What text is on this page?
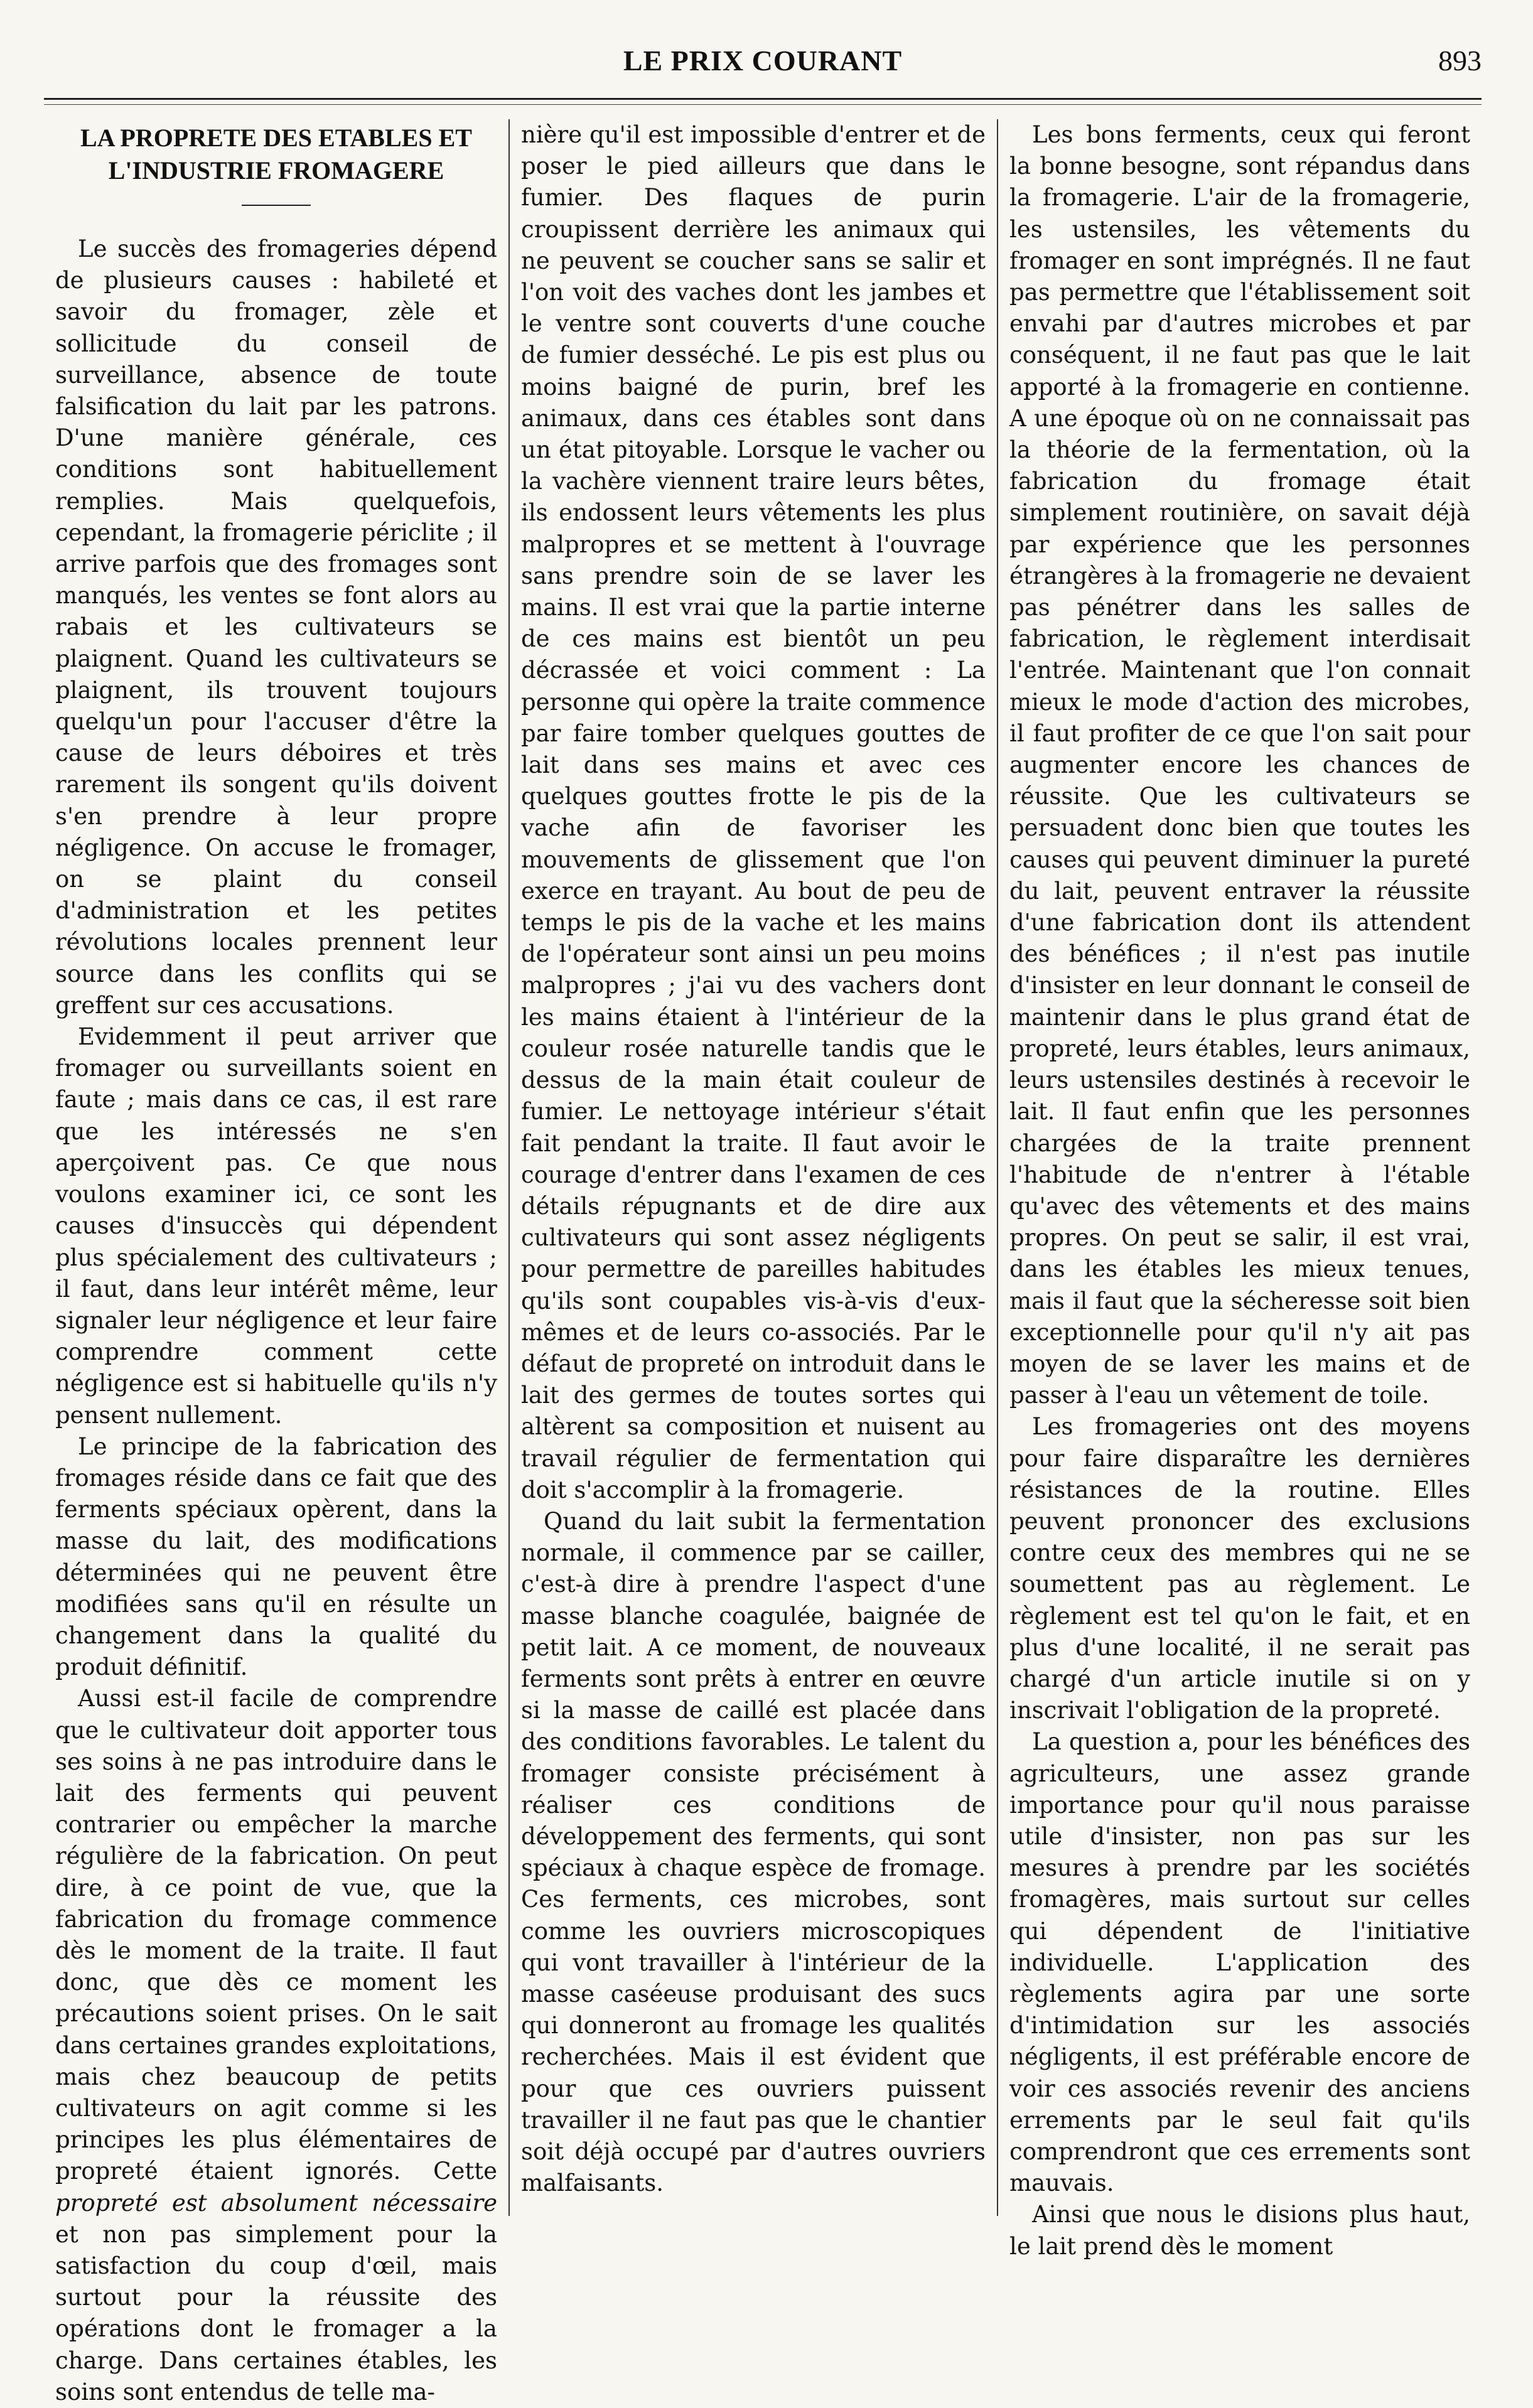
LE PRIX COURANT	893
LA PROPRETE DES ETABLES ET
L'INDUSTRIE FROMAGERE

Le succès des fromageries dépend de plusieurs causes : habileté et savoir du fromager, zèle et sollicitude du conseil de surveillance, absence de toute falsification du lait par les patrons. D'une manière générale, ces conditions sont habituellement remplies. Mais quelquefois, cependant, la fromagerie périclite ; il arrive parfois que des fromages sont manqués, les ventes se font alors au rabais et les cultivateurs se plaignent. Quand les cultivateurs se plaignent, ils trouvent toujours quelqu'un pour l'accuser d'être la cause de leurs déboires et très rarement ils songent qu'ils doivent s'en prendre à leur propre négligence. On accuse le fromager, on se plaint du conseil d'administration et les petites révolutions locales prennent leur source dans les conflits qui se greffent sur ces accusations.

Evidemment il peut arriver que fromager ou surveillants soient en faute ; mais dans ce cas, il est rare que les intéressés ne s'en aperçoivent pas. Ce que nous voulons examiner ici, ce sont les causes d'insuccès qui dépendent plus spécialement des cultivateurs ; il faut, dans leur intérêt même, leur signaler leur négligence et leur faire comprendre comment cette négligence est si habituelle qu'ils n'y pensent nullement.

Le principe de la fabrication des fromages réside dans ce fait que des ferments spéciaux opèrent, dans la masse du lait, des modifications déterminées qui ne peuvent être modifiées sans qu'il en résulte un changement dans la qualité du produit définitif.

Aussi est-il facile de comprendre que le cultivateur doit apporter tous ses soins à ne pas introduire dans le lait des ferments qui peuvent contrarier ou empêcher la marche régulière de la fabrication. On peut dire, à ce point de vue, que la fabrication du fromage commence dès le moment de la traite. Il faut donc, que dès ce moment les précautions soient prises. On le sait dans certaines grandes exploitations, mais chez beaucoup de petits cultivateurs on agit comme si les principes les plus élémentaires de propreté étaient ignorés. Cette propreté est absolument nécessaire et non pas simplement pour la satisfaction du coup d'œil, mais surtout pour la réussite des opérations dont le fromager a la charge. Dans certaines étables, les soins sont entendus de telle ma-

nière qu'il est impossible d'entrer et de poser le pied ailleurs que dans le fumier. Des flaques de purin croupissent derrière les animaux qui ne peuvent se coucher sans se salir et l'on voit des vaches dont les jambes et le ventre sont couverts d'une couche de fumier desséché. Le pis est plus ou moins baigné de purin, bref les animaux, dans ces étables sont dans un état pitoyable. Lorsque le vacher ou la vachère viennent traire leurs bêtes, ils endossent leurs vêtements les plus malpropres et se mettent à l'ouvrage sans prendre soin de se laver les mains. Il est vrai que la partie interne de ces mains est bientôt un peu décrassée et voici comment : La personne qui opère la traite commence par faire tomber quelques gouttes de lait dans ses mains et avec ces quelques gouttes frotte le pis de la vache afin de favoriser les mouvements de glissement que l'on exerce en trayant. Au bout de peu de temps le pis de la vache et les mains de l'opérateur sont ainsi un peu moins malpropres ; j'ai vu des vachers dont les mains étaient à l'intérieur de la couleur rosée naturelle tandis que le dessus de la main était couleur de fumier. Le nettoyage intérieur s'était fait pendant la traite. Il faut avoir le courage d'entrer dans l'examen de ces détails répugnants et de dire aux cultivateurs qui sont assez négligents pour permettre de pareilles habitudes qu'ils sont coupables vis-à-vis d'eux-mêmes et de leurs co-associés. Par le défaut de propreté on introduit dans le lait des germes de toutes sortes qui altèrent sa composition et nuisent au travail régulier de fermentation qui doit s'accomplir à la fromagerie.

Quand du lait subit la fermentation normale, il commence par se cailler, c'est-à dire à prendre l'aspect d'une masse blanche coagulée, baignée de petit lait. A ce moment, de nouveaux ferments sont prêts à entrer en œuvre si la masse de caillé est placée dans des conditions favorables. Le talent du fromager consiste précisément à réaliser ces conditions de développement des ferments, qui sont spéciaux à chaque espèce de fromage. Ces ferments, ces microbes, sont comme les ouvriers microscopiques qui vont travailler à l'intérieur de la masse caséeuse produisant des sucs qui donneront au fromage les qualités recherchées. Mais il est évident que pour que ces ouvriers puissent travailler il ne faut pas que le chantier soit déjà occupé par d'autres ouvriers malfaisants.

Les bons ferments, ceux qui feront la bonne besogne, sont répandus dans la fromagerie. L'air de la fromagerie, les ustensiles, les vêtements du fromager en sont imprégnés. Il ne faut pas permettre que l'établissement soit envahi par d'autres microbes et par conséquent, il ne faut pas que le lait apporté à la fromagerie en contienne. A une époque où on ne connaissait pas la théorie de la fermentation, où la fabrication du fromage était simplement routinière, on savait déjà par expérience que les personnes étrangères à la fromagerie ne devaient pas pénétrer dans les salles de fabrication, le règlement interdisait l'entrée. Maintenant que l'on connait mieux le mode d'action des microbes, il faut profiter de ce que l'on sait pour augmenter encore les chances de réussite. Que les cultivateurs se persuadent donc bien que toutes les causes qui peuvent diminuer la pureté du lait, peuvent entraver la réussite d'une fabrication dont ils attendent des bénéfices ; il n'est pas inutile d'insister en leur donnant le conseil de maintenir dans le plus grand état de propreté, leurs étables, leurs animaux, leurs ustensiles destinés à recevoir le lait. Il faut enfin que les personnes chargées de la traite prennent l'habitude de n'entrer à l'étable qu'avec des vêtements et des mains propres. On peut se salir, il est vrai, dans les étables les mieux tenues, mais il faut que la sécheresse soit bien exceptionnelle pour qu'il n'y ait pas moyen de se laver les mains et de passer à l'eau un vêtement de toile.

Les fromageries ont des moyens pour faire disparaître les dernières résistances de la routine. Elles peuvent prononcer des exclusions contre ceux des membres qui ne se soumettent pas au règlement. Le règlement est tel qu'on le fait, et en plus d'une localité, il ne serait pas chargé d'un article inutile si on y inscrivait l'obligation de la propreté.

La question a, pour les bénéfices des agriculteurs, une assez grande importance pour qu'il nous paraisse utile d'insister, non pas sur les mesures à prendre par les sociétés fromagères, mais surtout sur celles qui dépendent de l'initiative individuelle. L'application des règlements agira par une sorte d'intimidation sur les associés négligents, il est préférable encore de voir ces associés revenir des anciens errements par le seul fait qu'ils comprendront que ces errements sont mauvais.

Ainsi que nous le disions plus haut, le lait prend dès le moment
